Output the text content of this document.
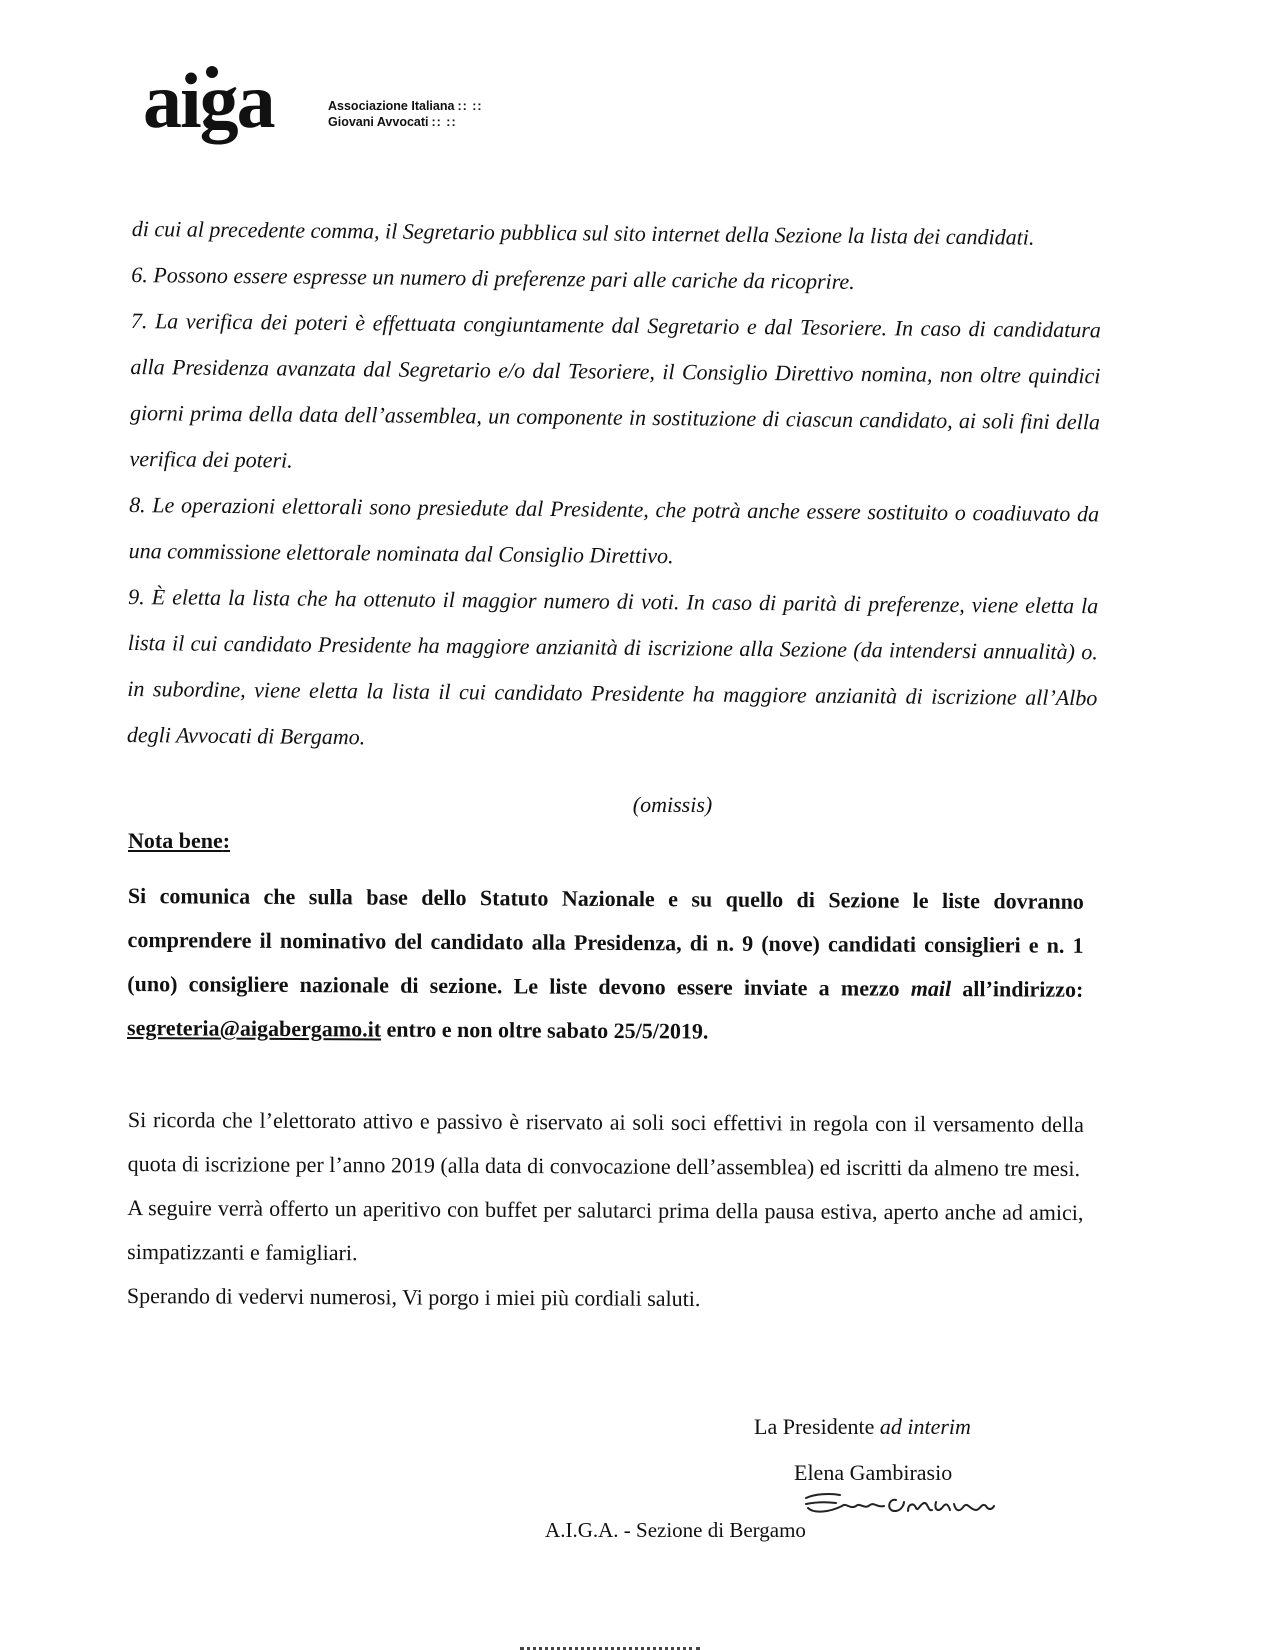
aiga	Associazione Italiana :: ::
Giovani Avvocati :: ::

di cui al precedente comma, il Segretario pubblica sul sito internet della Sezione la lista dei candidati.

6. Possono essere espresse un numero di preferenze pari alle cariche da ricoprire.

7. La verifica dei poteri è effettuata congiuntamente dal Segretario e dal Tesoriere. In caso di candidatura alla Presidenza avanzata dal Segretario e/o dal Tesoriere, il Consiglio Direttivo nomina, non oltre quindici giorni prima della data dell’assemblea, un componente in sostituzione di ciascun candidato, ai soli fini della verifica dei poteri.

8. Le operazioni elettorali sono presiedute dal Presidente, che potrà anche essere sostituito o coadiuvato da una commissione elettorale nominata dal Consiglio Direttivo.

9. È eletta la lista che ha ottenuto il maggior numero di voti. In caso di parità di preferenze, viene eletta la lista il cui candidato Presidente ha maggiore anzianità di iscrizione alla Sezione (da intendersi annualità) o. in subordine, viene eletta la lista il cui candidato Presidente ha maggiore anzianità di iscrizione all’Albo degli Avvocati di Bergamo.

(omissis)
Nota bene:

Si comunica che sulla base dello Statuto Nazionale e su quello di Sezione le liste dovranno comprendere il nominativo del candidato alla Presidenza, di n. 9 (nove) candidati consiglieri e n. 1 (uno) consigliere nazionale di sezione. Le liste devono essere inviate a mezzo mail all’indirizzo: segreteria@aigabergamo.it entro e non oltre sabato 25/5/2019.

Si ricorda che l’elettorato attivo e passivo è riservato ai soli soci effettivi in regola con il versamento della quota di iscrizione per l’anno 2019 (alla data di convocazione dell’assemblea) ed iscritti da almeno tre mesi.

A seguire verrà offerto un aperitivo con buffet per salutarci prima della pausa estiva, aperto anche ad amici, simpatizzanti e famigliari.

Sperando di vedervi numerosi, Vi porgo i miei più cordiali saluti.

La Presidente ad interim
Elena Gambirasio
A.I.G.A. - Sezione di Bergamo
